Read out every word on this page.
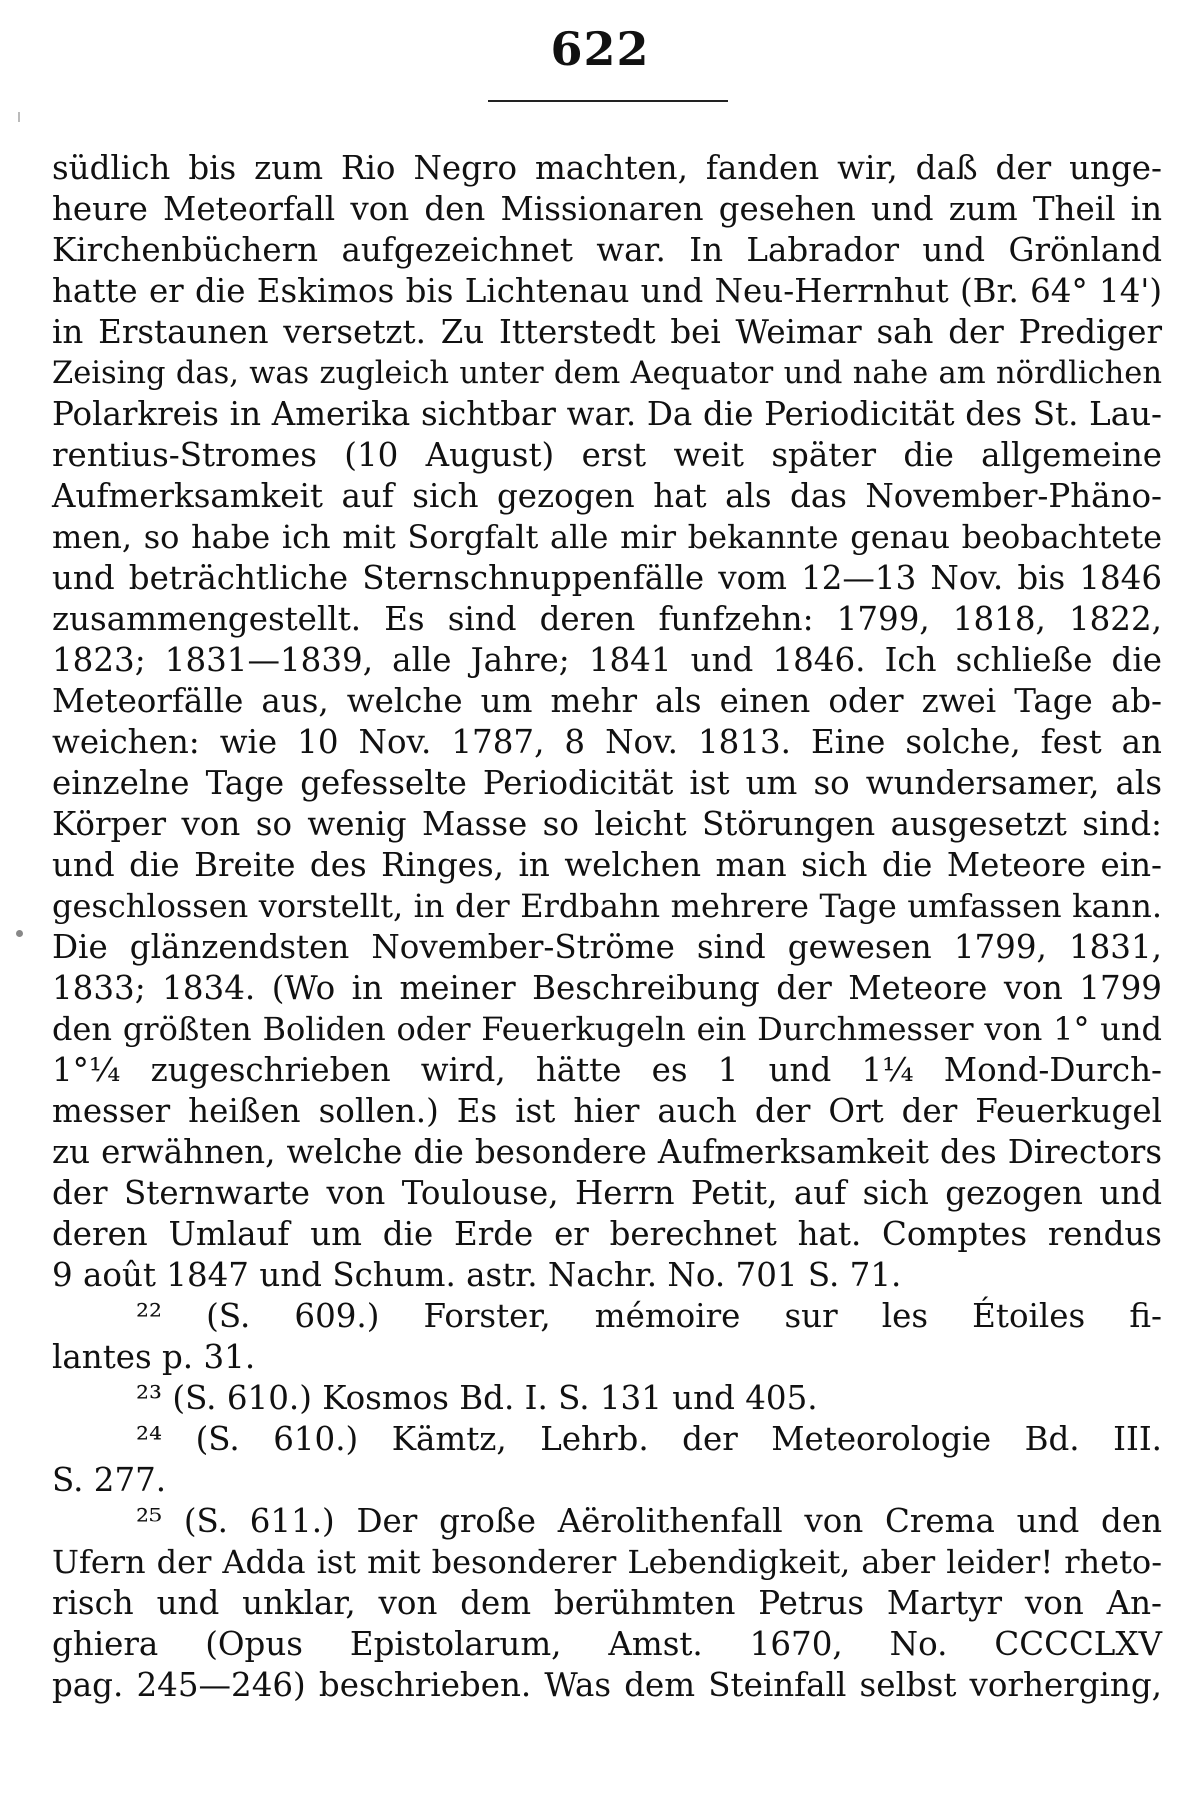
622
südlich bis zum Rio Negro machten, fanden wir, daß der unge-
heure Meteorfall von den Missionaren gesehen und zum Theil in
Kirchenbüchern aufgezeichnet war. In Labrador und Grönland
hatte er die Eskimos bis Lichtenau und Neu-Herrnhut (Br. 64° 14')
in Erstaunen versetzt. Zu Itterstedt bei Weimar sah der Prediger
Zeising das, was zugleich unter dem Aequator und nahe am nördlichen
Polarkreis in Amerika sichtbar war. Da die Periodicität des St. Lau-
rentius-Stromes (10 August) erst weit später die allgemeine
Aufmerksamkeit auf sich gezogen hat als das November-Phäno-
men, so habe ich mit Sorgfalt alle mir bekannte genau beobachtete
und beträchtliche Sternschnuppenfälle vom 12—13 Nov. bis 1846
zusammengestellt. Es sind deren funfzehn: 1799, 1818, 1822,
1823; 1831—1839, alle Jahre; 1841 und 1846. Ich schließe die
Meteorfälle aus, welche um mehr als einen oder zwei Tage ab-
weichen: wie 10 Nov. 1787, 8 Nov. 1813. Eine solche, fest an
einzelne Tage gefesselte Periodicität ist um so wundersamer, als
Körper von so wenig Masse so leicht Störungen ausgesetzt sind:
und die Breite des Ringes, in welchen man sich die Meteore ein-
geschlossen vorstellt, in der Erdbahn mehrere Tage umfassen kann.
Die glänzendsten November-Ströme sind gewesen 1799, 1831,
1833; 1834. (Wo in meiner Beschreibung der Meteore von 1799
den größten Boliden oder Feuerkugeln ein Durchmesser von 1° und
1°¼ zugeschrieben wird, hätte es 1 und 1¼ Mond-Durch-
messer heißen sollen.) Es ist hier auch der Ort der Feuerkugel
zu erwähnen, welche die besondere Aufmerksamkeit des Directors
der Sternwarte von Toulouse, Herrn Petit, auf sich gezogen und
deren Umlauf um die Erde er berechnet hat. Comptes rendus
9 août 1847 und Schum. astr. Nachr. No. 701 S. 71.
²² (S. 609.) Forster, mémoire sur les Étoiles fi-
lantes p. 31.
²³ (S. 610.) Kosmos Bd. I. S. 131 und 405.
²⁴ (S. 610.) Kämtz, Lehrb. der Meteorologie Bd. III.
S. 277.
²⁵ (S. 611.) Der große Aërolithenfall von Crema und den
Ufern der Adda ist mit besonderer Lebendigkeit, aber leider! rheto-
risch und unklar, von dem berühmten Petrus Martyr von An-
ghiera (Opus Epistolarum, Amst. 1670, No. CCCCLXV
pag. 245—246) beschrieben. Was dem Steinfall selbst vorherging,
